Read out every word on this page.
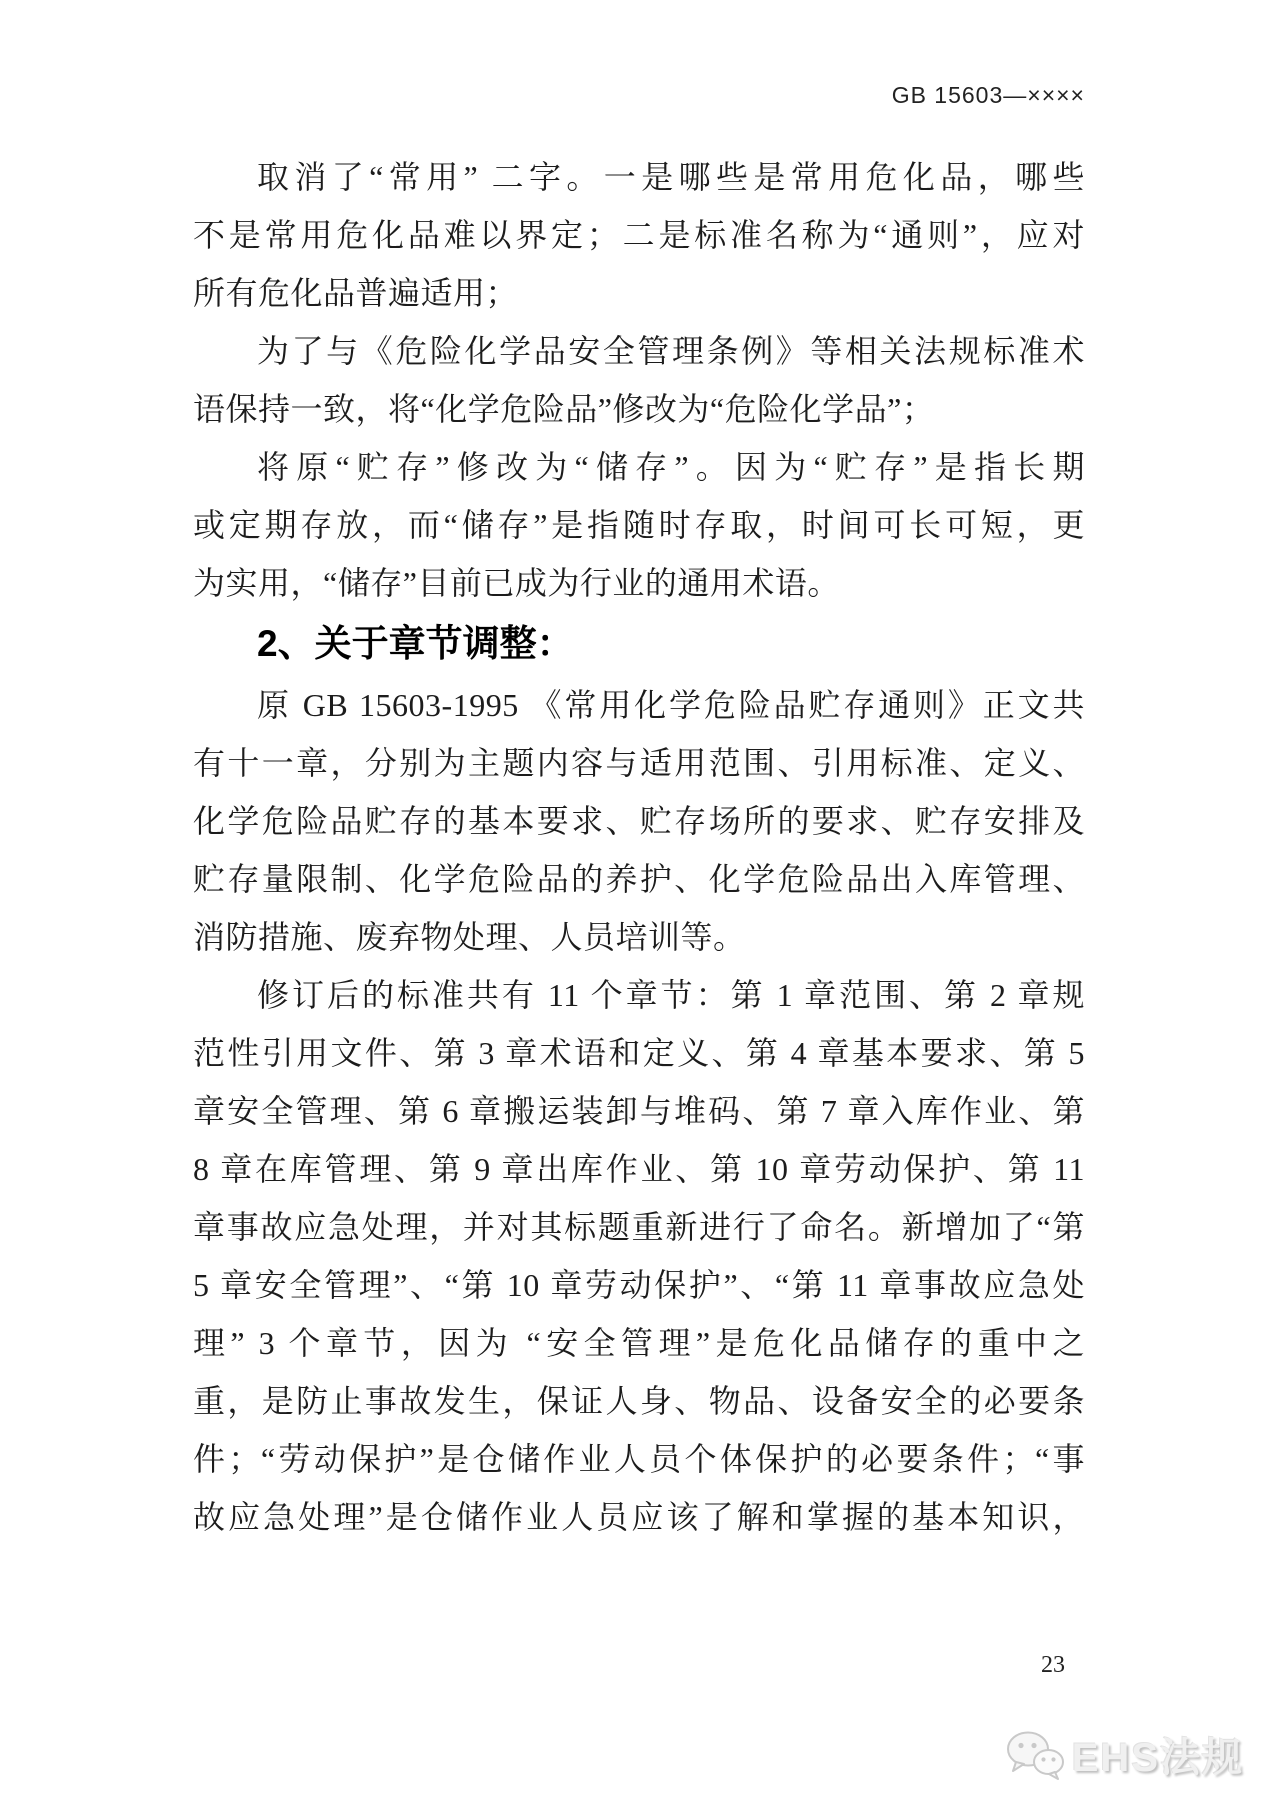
GB 15603—××××
取消了“常用” 二字。一是哪些是常用危化品，哪些
不是常用危化品难以界定；二是标准名称为“通则”，应对
所有危化品普遍适用；
为了与《危险化学品安全管理条例》等相关法规标准术
语保持一致，将“化学危险品”修改为“危险化学品”；
将原“贮存”修改为“储存”。因为“贮存”是指长期
或定期存放，而“储存”是指随时存取，时间可长可短，更
为实用，“储存”目前已成为行业的通用术语。
2、关于章节调整：
原 GB 15603-1995 《常用化学危险品贮存通则》正文共
有十一章，分别为主题内容与适用范围、引用标准、定义、
化学危险品贮存的基本要求、贮存场所的要求、贮存安排及
贮存量限制、化学危险品的养护、化学危险品出入库管理、
消防措施、废弃物处理、人员培训等。
修订后的标准共有 11 个章节：第 1 章范围、第 2 章规
范性引用文件、第 3 章术语和定义、第 4 章基本要求、第 5
章安全管理、第 6 章搬运装卸与堆码、第 7 章入库作业、第
8 章在库管理、第 9 章出库作业、第 10 章劳动保护、第 11
章事故应急处理，并对其标题重新进行了命名。新增加了“第
5 章安全管理”、“第 10 章劳动保护”、“第 11 章事故应急处
理” 3 个章节，因为 “安全管理”是危化品储存的重中之
重，是防止事故发生，保证人身、物品、设备安全的必要条
件；“劳动保护”是仓储作业人员个体保护的必要条件；“事
故应急处理”是仓储作业人员应该了解和掌握的基本知识，
23
EHS法规
